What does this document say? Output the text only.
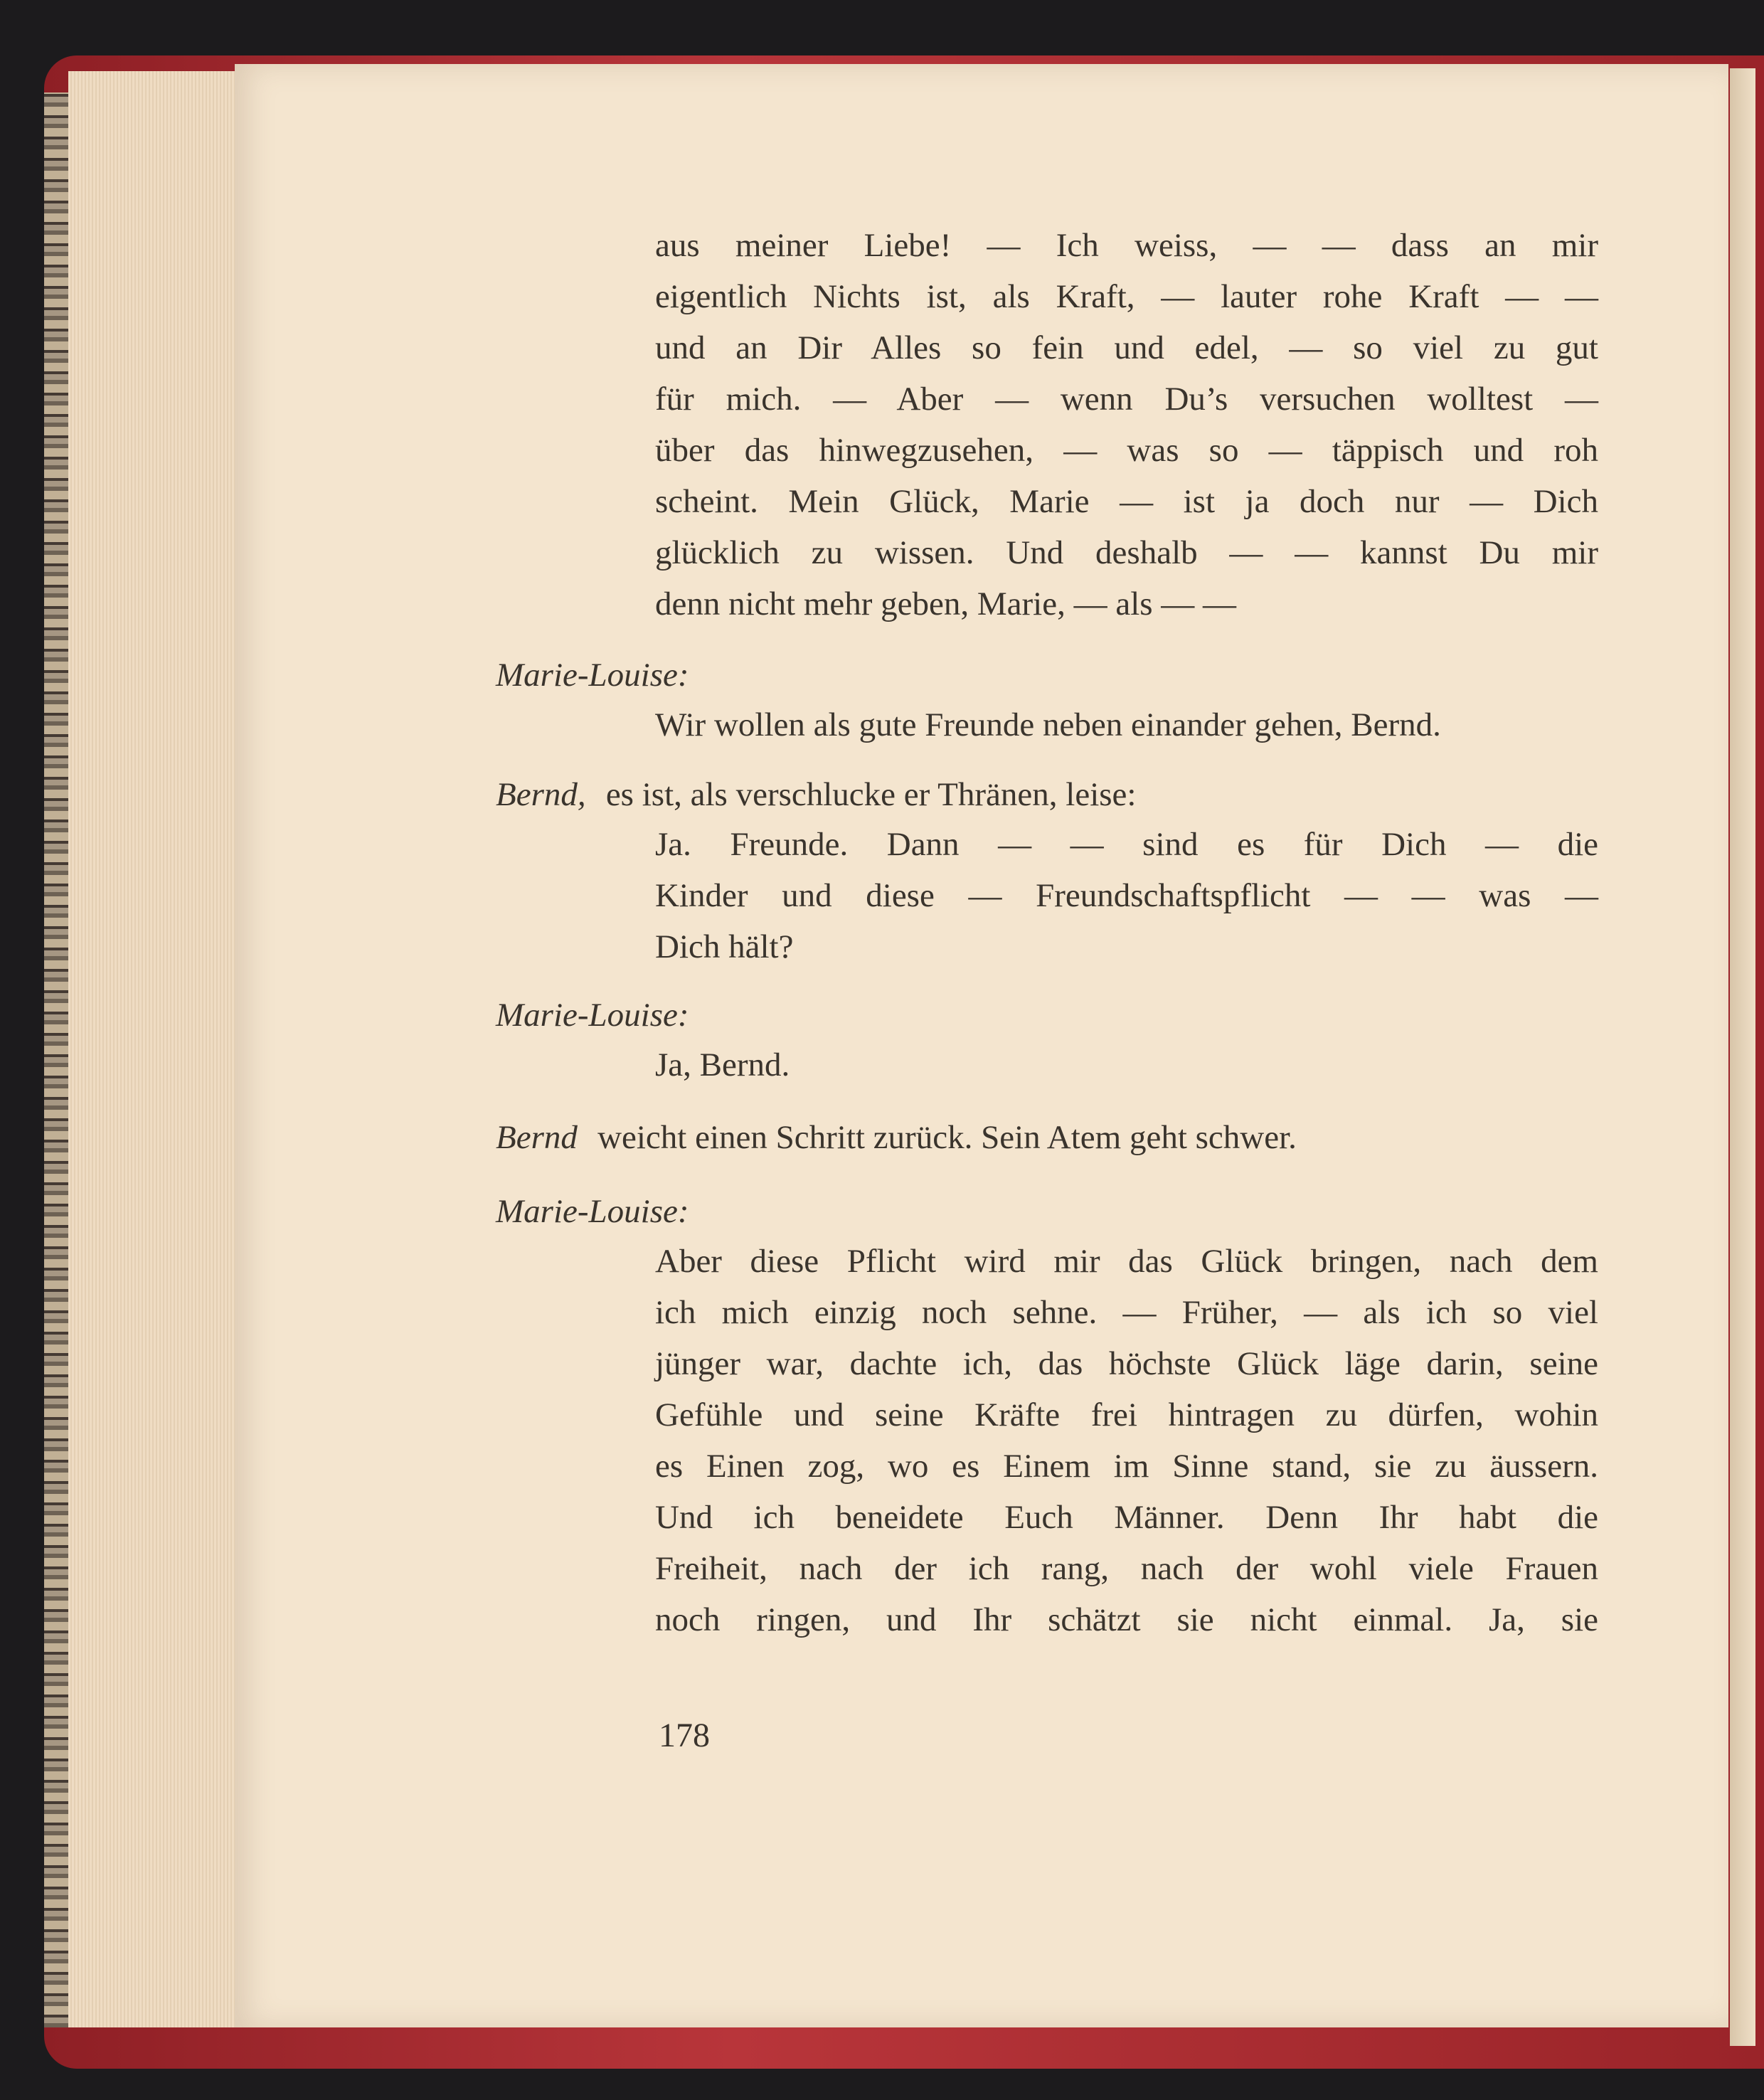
aus meiner Liebe! — Ich weiss, — — dass an mir
eigentlich Nichts ist, als Kraft, — lauter rohe Kraft — —
und an Dir Alles so fein und edel, — so viel zu gut
für mich. — Aber — wenn Du’s versuchen wolltest —
über das hinwegzusehen, — was so — täppisch und roh
scheint. Mein Glück, Marie — ist ja doch nur — Dich
glücklich zu wissen. Und deshalb — — kannst Du mir
denn nicht mehr geben, Marie, — als — —
Marie-Louise:
Wir wollen als gute Freunde neben einander gehen, Bernd.
Bernd, es ist, als verschlucke er Thränen, leise:
Ja. Freunde. Dann — — sind es für Dich — die
Kinder und diese — Freundschaftspflicht — — was —
Dich hält?
Marie-Louise:
Ja, Bernd.
Bernd weicht einen Schritt zurück. Sein Atem geht schwer.
Marie-Louise:
Aber diese Pflicht wird mir das Glück bringen, nach dem
ich mich einzig noch sehne. — Früher, — als ich so viel
jünger war, dachte ich, das höchste Glück läge darin, seine
Gefühle und seine Kräfte frei hintragen zu dürfen, wohin
es Einen zog, wo es Einem im Sinne stand, sie zu äussern.
Und ich beneidete Euch Männer. Denn Ihr habt die
Freiheit, nach der ich rang, nach der wohl viele Frauen
noch ringen, und Ihr schätzt sie nicht einmal. Ja, sie
178
